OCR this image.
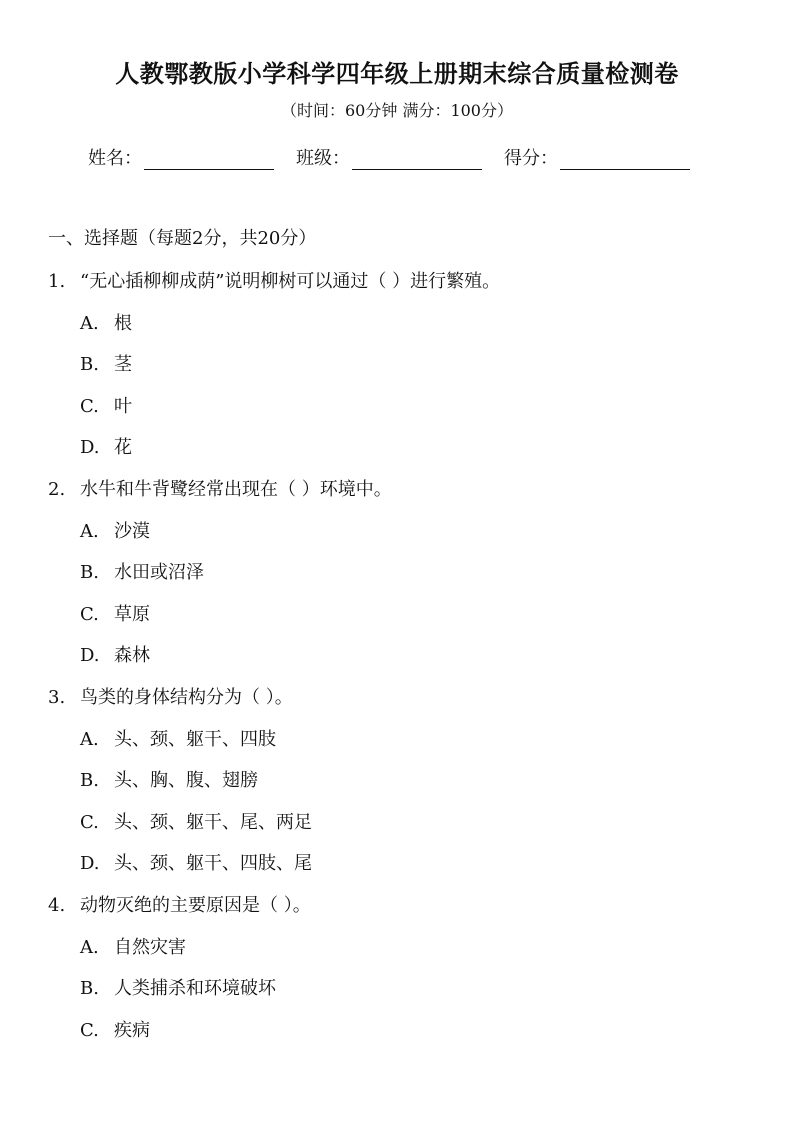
人教鄂教版小学科学四年级上册期末综合质量检测卷
（时间：60分钟 满分：100分）
姓名：	班级：	得分：
一、选择题（每题2分，共20分）
1. “无心插柳柳成荫”说明柳树可以通过（ ）进行繁殖。
A. 根
B. 茎
C. 叶
D. 花
2. 水牛和牛背鹭经常出现在（ ）环境中。
A. 沙漠
B. 水田或沼泽
C. 草原
D. 森林
3. 鸟类的身体结构分为（ ）。
A. 头、颈、躯干、四肢
B. 头、胸、腹、翅膀
C. 头、颈、躯干、尾、两足
D. 头、颈、躯干、四肢、尾
4. 动物灭绝的主要原因是（ ）。
A. 自然灾害
B. 人类捕杀和环境破坏
C. 疾病
